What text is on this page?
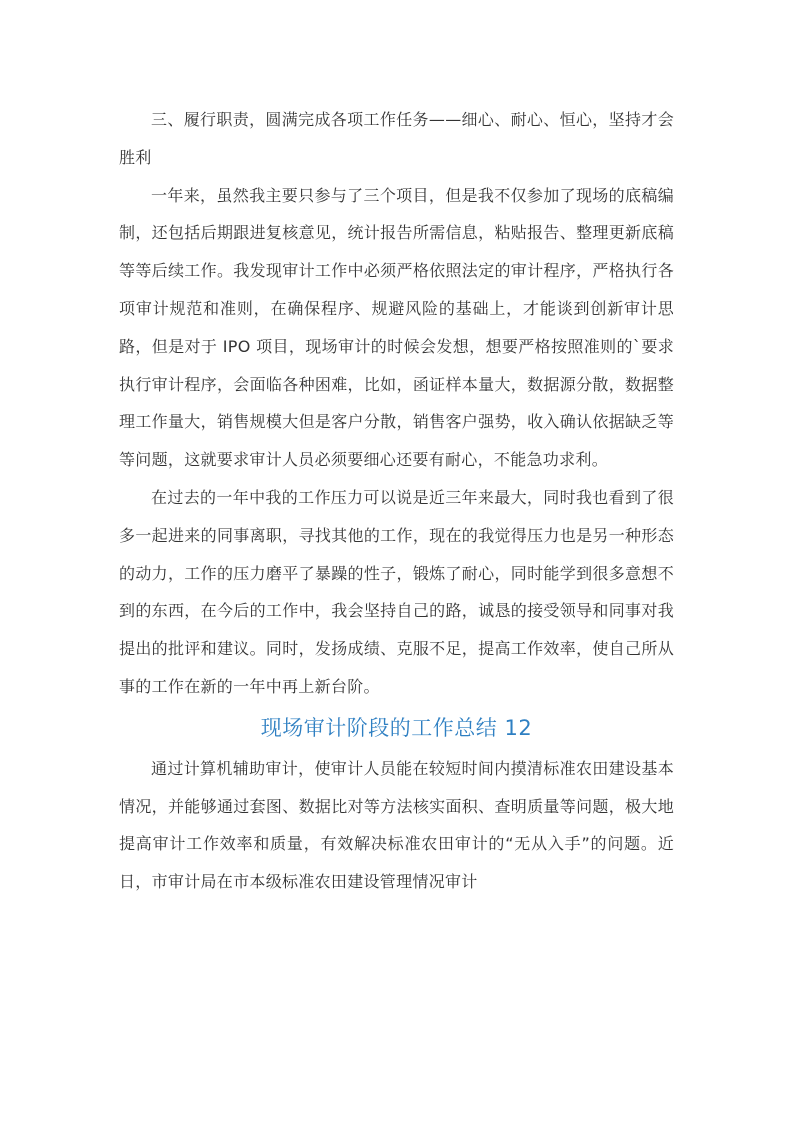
三、履行职责，圆满完成各项工作任务——细心、耐心、恒心，坚持才会胜利

一年来，虽然我主要只参与了三个项目，但是我不仅参加了现场的底稿编制，还包括后期跟进复核意见，统计报告所需信息，粘贴报告、整理更新底稿等等后续工作。我发现审计工作中必须严格依照法定的审计程序，严格执行各项审计规范和准则，在确保程序、规避风险的基础上，才能谈到创新审计思路，但是对于 IPO 项目，现场审计的时候会发想，想要严格按照准则的`要求执行审计程序，会面临各种困难，比如，函证样本量大，数据源分散，数据整理工作量大，销售规模大但是客户分散，销售客户强势，收入确认依据缺乏等等问题，这就要求审计人员必须要细心还要有耐心，不能急功求利。

在过去的一年中我的工作压力可以说是近三年来最大，同时我也看到了很多一起进来的同事离职，寻找其他的工作，现在的我觉得压力也是另一种形态的动力，工作的压力磨平了暴躁的性子，锻炼了耐心，同时能学到很多意想不到的东西，在今后的工作中，我会坚持自己的路，诚恳的接受领导和同事对我提出的批评和建议。同时，发扬成绩、克服不足，提高工作效率，使自己所从事的工作在新的一年中再上新台阶。

现场审计阶段的工作总结 12

通过计算机辅助审计，使审计人员能在较短时间内摸清标准农田建设基本情况，并能够通过套图、数据比对等方法核实面积、查明质量等问题，极大地提高审计工作效率和质量，有效解决标准农田审计的“无从入手”的问题。近日，市审计局在市本级标准农田建设管理情况审计
